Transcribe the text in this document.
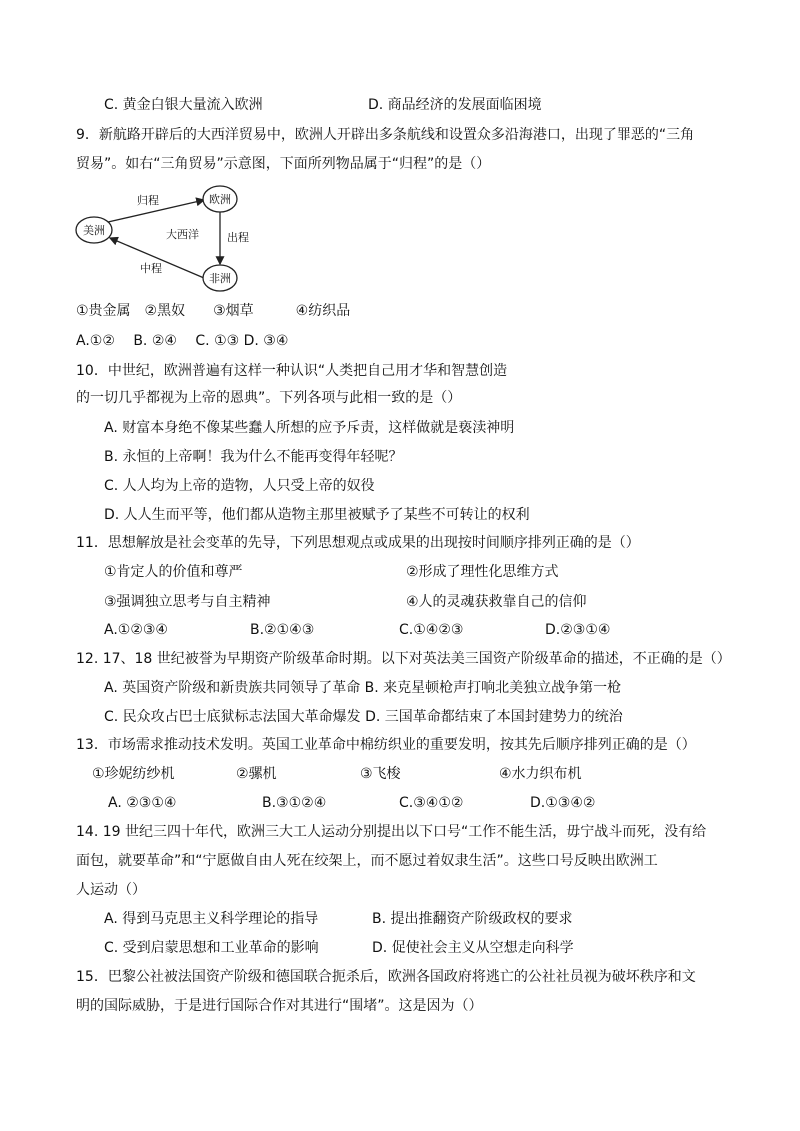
C. 黄金白银大量流入欧洲	D. 商品经济的发展面临困境
9．新航路开辟后的大西洋贸易中，欧洲人开辟出多条航线和设置众多沿海港口，出现了罪恶的“三角
贸易”。如右“三角贸易”示意图，下面所列物品属于“归程”的是（）
欧洲
美洲
非洲
归程
出程
中程
大西洋
①贵金属　②黑奴　　③烟草　　　④纺织品
A.①②　 B. ②④　 C. ①③ D. ③④
10．中世纪，欧洲普遍有这样一种认识“人类把自己用才华和智慧创造
的一切几乎都视为上帝的恩典”。下列各项与此相一致的是（）
A. 财富本身绝不像某些蠢人所想的应予斥责，这样做就是亵渎神明
B. 永恒的上帝啊！我为什么不能再变得年轻呢？
C. 人人均为上帝的造物，人只受上帝的奴役
D. 人人生而平等，他们都从造物主那里被赋予了某些不可转让的权利
11．思想解放是社会变革的先导，下列思想观点或成果的出现按时间顺序排列正确的是（）
①肯定人的价值和尊严	②形成了理性化思维方式
③强调独立思考与自主精神	④人的灵魂获救靠自己的信仰
A.①②③④	B.②①④③	C.①④②③	D.②③①④
12. 17、18 世纪被誉为早期资产阶级革命时期。以下对英法美三国资产阶级革命的描述，不正确的是（）
A. 英国资产阶级和新贵族共同领导了革命 B. 来克星顿枪声打响北美独立战争第一枪
C. 民众攻占巴士底狱标志法国大革命爆发 D. 三国革命都结束了本国封建势力的统治
13．市场需求推动技术发明。英国工业革命中棉纺织业的重要发明，按其先后顺序排列正确的是（）
①珍妮纺纱机	②骡机	③飞梭	④水力织布机
A. ②③①④	B.③①②④	C.③④①②	D.①③④②
14. 19 世纪三四十年代，欧洲三大工人运动分别提出以下口号“工作不能生活，毋宁战斗而死，没有给
面包，就要革命”和“宁愿做自由人死在绞架上，而不愿过着奴隶生活”。这些口号反映出欧洲工
人运动（）
A. 得到马克思主义科学理论的指导	B. 提出推翻资产阶级政权的要求
C. 受到启蒙思想和工业革命的影响	D. 促使社会主义从空想走向科学
15．巴黎公社被法国资产阶级和德国联合扼杀后，欧洲各国政府将逃亡的公社社员视为破坏秩序和文
明的国际威胁，于是进行国际合作对其进行“围堵”。这是因为（）
